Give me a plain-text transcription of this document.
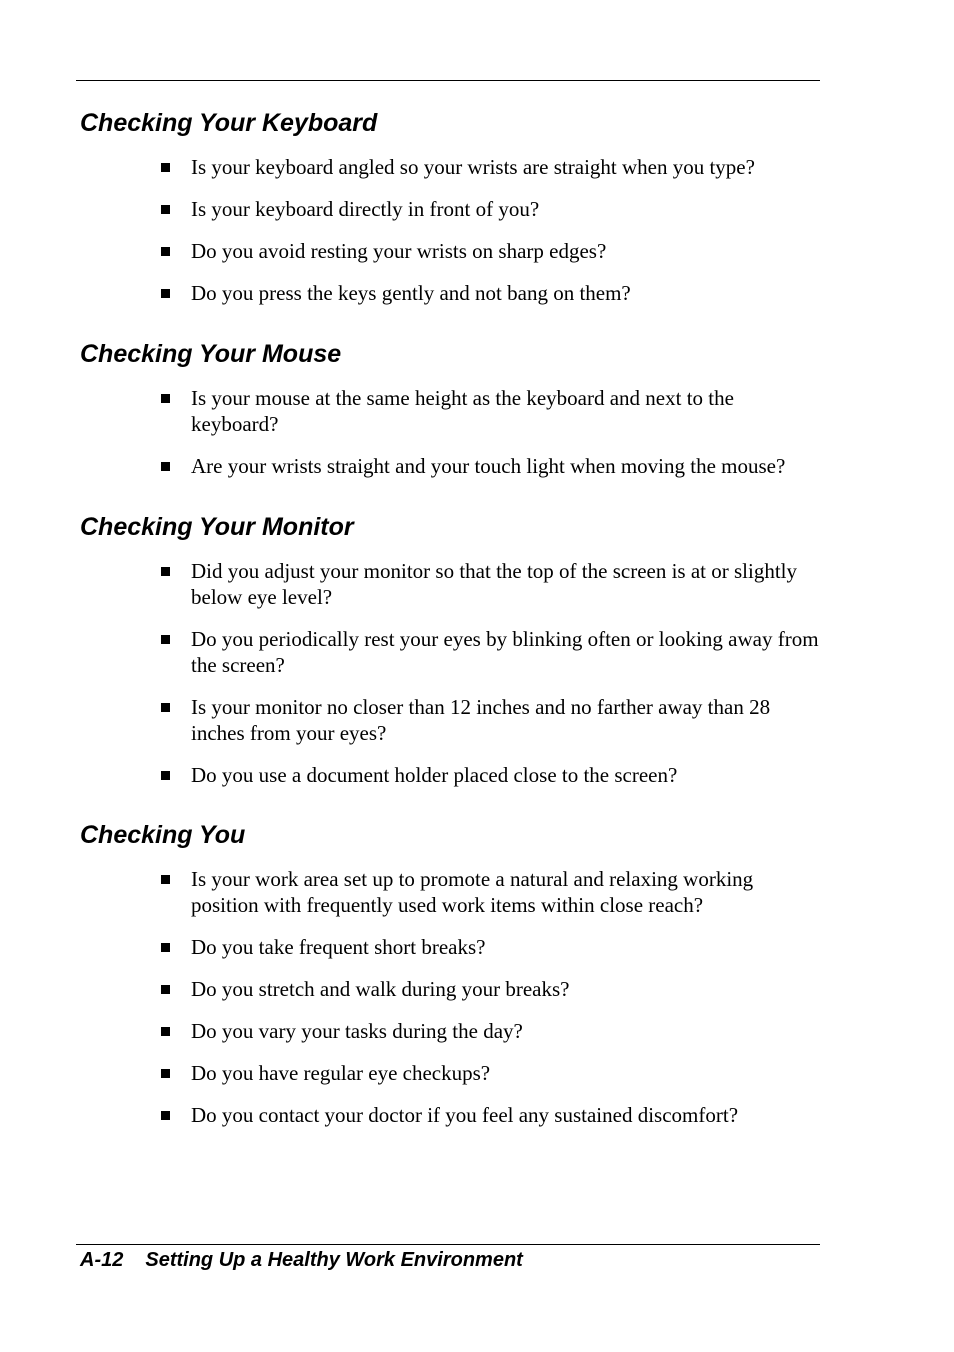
Checking Your Keyboard
Is your keyboard angled so your wrists are straight when you type?
Is your keyboard directly in front of you?
Do you avoid resting your wrists on sharp edges?
Do you press the keys gently and not bang on them?
Checking Your Mouse
Is your mouse at the same height as the keyboard and next to the keyboard?
Are your wrists straight and your touch light when moving the mouse?
Checking Your Monitor
Did you adjust your monitor so that the top of the screen is at or slightly below eye level?
Do you periodically rest your eyes by blinking often or looking away from the screen?
Is your monitor no closer than 12 inches and no farther away than 28 inches from your eyes?
Do you use a document holder placed close to the screen?
Checking You
Is your work area set up to promote a natural and relaxing working position with frequently used work items within close reach?
Do you take frequent short breaks?
Do you stretch and walk during your breaks?
Do you vary your tasks during the day?
Do you have regular eye checkups?
Do you contact your doctor if you feel any sustained discomfort?
A-12 Setting Up a Healthy Work Environment
